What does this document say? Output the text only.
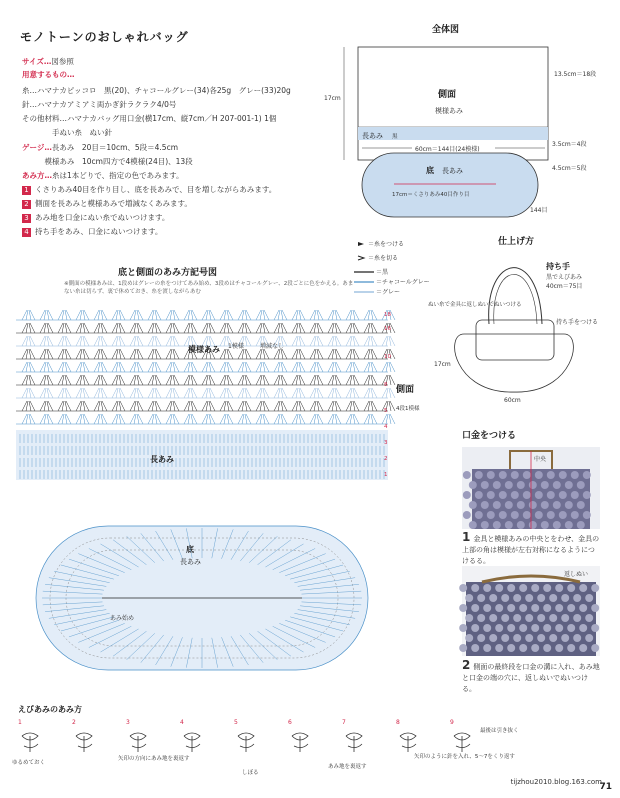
モノトーンのおしゃれバッグ
サイズ…図参照
用意するもの…
糸…ハマナカピッコロ　黒(20)、チャコールグレー(34)各25g　グレー(33)20g
針…ハマナカアミアミ両かぎ針ラクラク4/0号
その他材料…ハマナカバッグ用口金(横17cm、縦7cm／H 207-001-1) 1個
　　　　手ぬい糸　ぬい針
ゲージ…長あみ　20目＝10cm、5段＝4.5cm
　　　模様あみ　10cm四方で4模様(24目)、13段
あみ方…糸は1本どりで、指定の色であみます。
1 くさりあみ40目を作り目し、底を長あみで、目を増しながらあみます。
2 側面を長あみと模様あみで増減なくあみます。
3 あみ地を口金にぬい糸でぬいつけます。
4 持ち手をあみ、口金にぬいつけます。
全体図
側面
模様あみ
長あみ 黒
60cm＝144目(24模様)
17cm
13.5cm＝18段
3.5cm＝4段
底 長あみ
17cm＝くさりあみ40目作り目
4.5cm＝5段
144目
＝糸をつける
＝糸を切る
＝黒
＝チャコールグレー
＝グレー
仕上げ方
持ち手
黒でえびあみ
40cm＝75目
持ち手をつける
ぬい糸で金具に返しぬいでぬいつける
17cm
60cm
底と側面のあみ方記号図
※側面の模様あみは、1段めはグレーの糸をつけてあみ始め、3段めはチャコールグレー、2段ごとに色をかえる。あまない糸は切らず、裏で休めておき、糸を渡しながらあむ
模様あみ 1模様	増減なし
長あみ
側面
4段1模様
18
16
10
8
5
4
3
2
1
底
長あみ
あみ始め
口金をつける
中央
1 金具と模様あみの中央とをわせ、金具の上部の角は模様が左右対称になるようにつけるる。
返しぬい
2 側面の最終段を口金の溝に入れ、あみ地と口金の端の穴に、返しぬいでぬいつける。
えびあみのあみ方
1	2	3	4	5	6	7	8	9
ゆるめておく
矢印の方向にあみ地を裏返す
しぼる
あみ地を裏返す
矢印のように針を入れ、5〜7をくり返す
最後は引き抜く
tijzhou2010.blog.163.com
71
